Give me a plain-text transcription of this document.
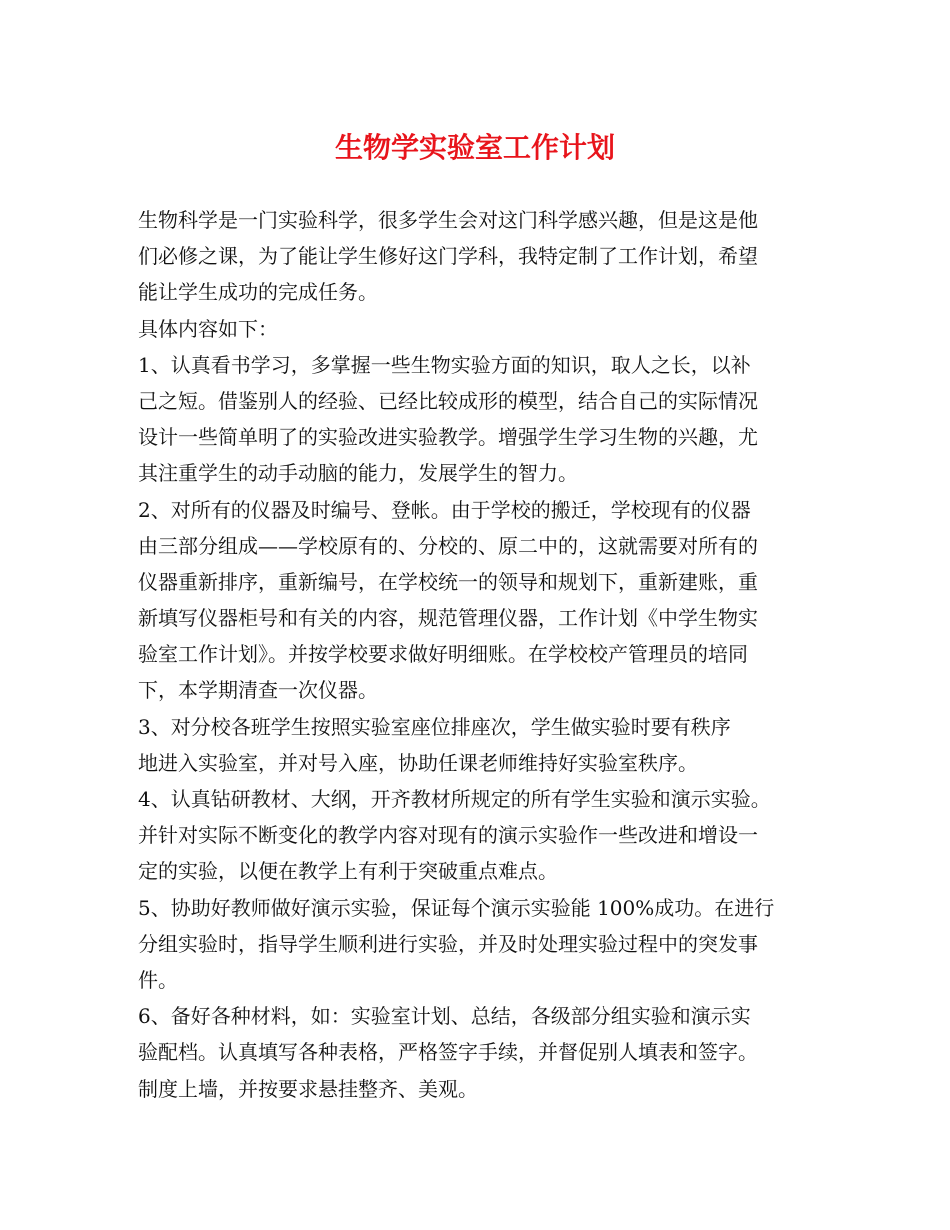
生物学实验室工作计划

生物科学是一门实验科学，很多学生会对这门科学感兴趣，但是这是他

们必修之课，为了能让学生修好这门学科，我特定制了工作计划，希望

能让学生成功的完成任务。

具体内容如下：

1、认真看书学习，多掌握一些生物实验方面的知识，取人之长，以补

己之短。借鉴别人的经验、已经比较成形的模型，结合自己的实际情况

设计一些简单明了的实验改进实验教学。增强学生学习生物的兴趣，尤

其注重学生的动手动脑的能力，发展学生的智力。

2、对所有的仪器及时编号、登帐。由于学校的搬迁，学校现有的仪器

由三部分组成——学校原有的、分校的、原二中的，这就需要对所有的

仪器重新排序，重新编号，在学校统一的领导和规划下，重新建账，重

新填写仪器柜号和有关的内容，规范管理仪器，工作计划《中学生物实

验室工作计划》。并按学校要求做好明细账。在学校校产管理员的培同

下，本学期清查一次仪器。

3、对分校各班学生按照实验室座位排座次，学生做实验时要有秩序

地进入实验室，并对号入座，协助任课老师维持好实验室秩序。

4、认真钻研教材、大纲，开齐教材所规定的所有学生实验和演示实验。

并针对实际不断变化的教学内容对现有的演示实验作一些改进和增设一

定的实验，以便在教学上有利于突破重点难点。

5、协助好教师做好演示实验，保证每个演示实验能 100%成功。在进行

分组实验时，指导学生顺利进行实验，并及时处理实验过程中的突发事

件。

6、备好各种材料，如：实验室计划、总结，各级部分组实验和演示实

验配档。认真填写各种表格，严格签字手续，并督促别人填表和签字。

制度上墙，并按要求悬挂整齐、美观。
